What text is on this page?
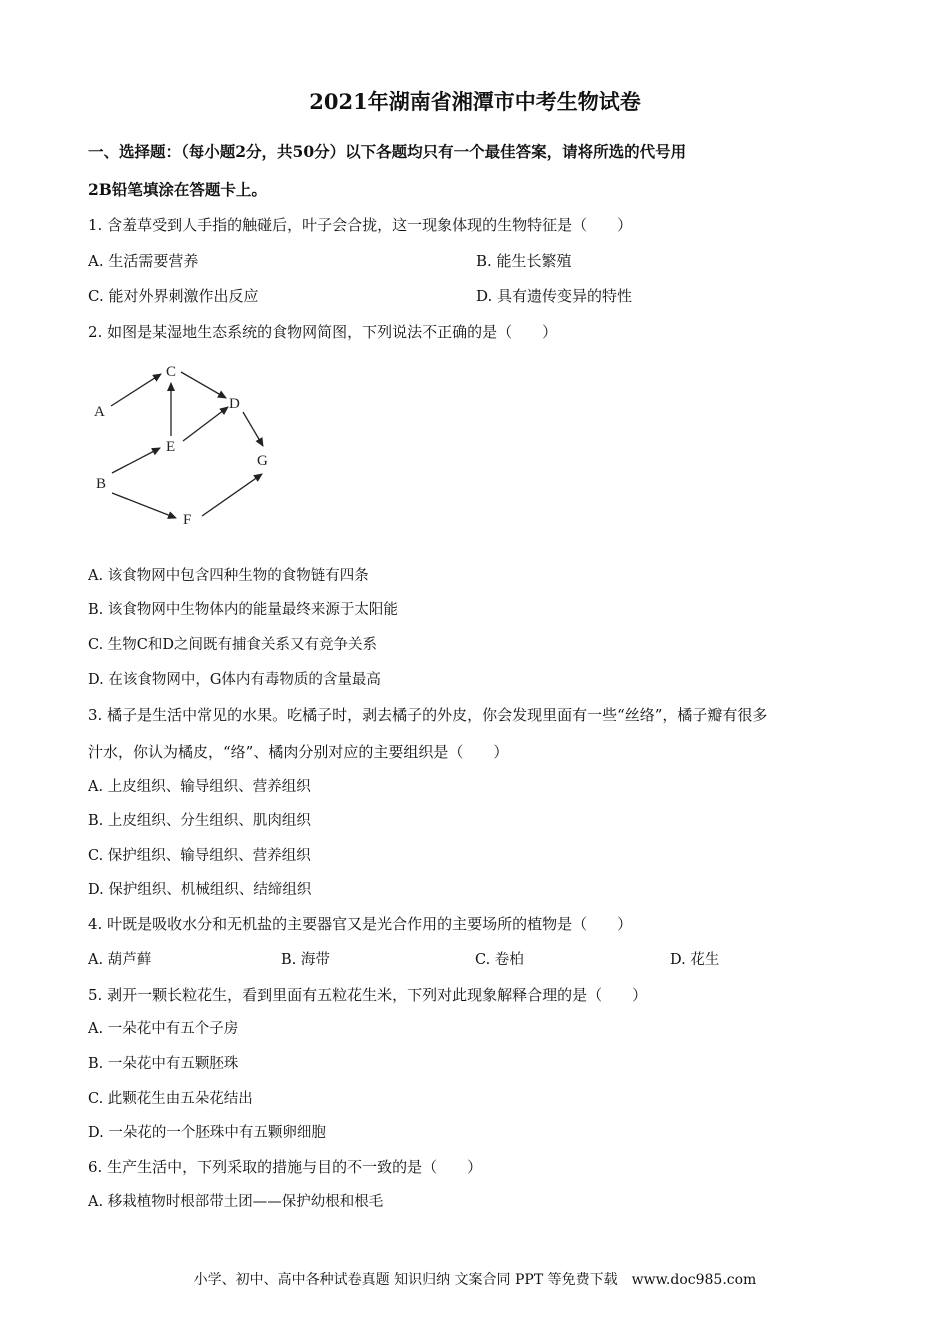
2021年湖南省湘潭市中考生物试卷
一、选择题：（每小题2分，共50分）以下各题均只有一个最佳答案，请将所选的代号用
2B铅笔填涂在答题卡上。
1. 含羞草受到人手指的触碰后，叶子会合拢，这一现象体现的生物特征是（　　）
A. 生活需要营养	B. 能生长繁殖
C. 能对外界刺激作出反应	D. 具有遗传变异的特性
2. 如图是某湿地生态系统的食物网简图，下列说法不正确的是（　　）
A
C
D
E
G
B
F
A. 该食物网中包含四种生物的食物链有四条
B. 该食物网中生物体内的能量最终来源于太阳能
C. 生物C和D之间既有捕食关系又有竞争关系
D. 在该食物网中，G体内有毒物质的含量最高
3. 橘子是生活中常见的水果。吃橘子时，剥去橘子的外皮，你会发现里面有一些“丝络”，橘子瓣有很多
汁水，你认为橘皮，“络”、橘肉分别对应的主要组织是（　　）
A. 上皮组织、输导组织、营养组织
B. 上皮组织、分生组织、肌肉组织
C. 保护组织、输导组织、营养组织
D. 保护组织、机械组织、结缔组织
4. 叶既是吸收水分和无机盐的主要器官又是光合作用的主要场所的植物是（　　）
A. 葫芦藓	B. 海带	C. 卷柏	D. 花生
5. 剥开一颗长粒花生，看到里面有五粒花生米，下列对此现象解释合理的是（　　）
A. 一朵花中有五个子房
B. 一朵花中有五颗胚珠
C. 此颗花生由五朵花结出
D. 一朵花的一个胚珠中有五颗卵细胞
6. 生产生活中，下列采取的措施与目的不一致的是（　　）
A. 移栽植物时根部带土团——保护幼根和根毛
小学、初中、高中各种试卷真题 知识归纳 文案合同 PPT 等免费下载　www.doc985.com
